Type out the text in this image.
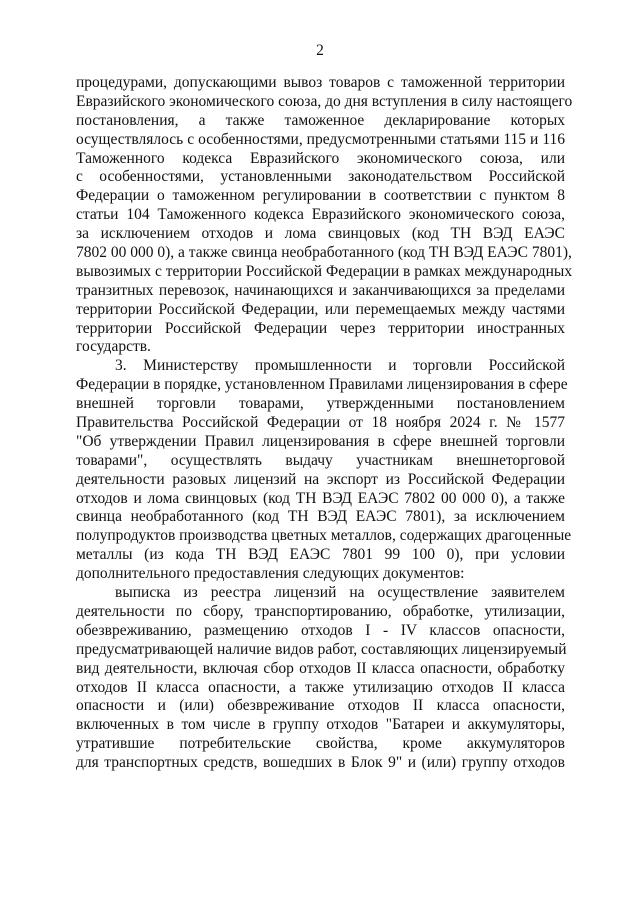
2
процедурами, допускающими вывоз товаров с таможенной территории
Евразийского экономического союза, до дня вступления в силу настоящего
постановления, а также таможенное декларирование которых
осуществлялось с особенностями, предусмотренными статьями 115 и 116
Таможенного кодекса Евразийского экономического союза, или
с особенностями, установленными законодательством Российской
Федерации о таможенном регулировании в соответствии с пунктом 8
статьи 104 Таможенного кодекса Евразийского экономического союза,
за исключением отходов и лома свинцовых (код ТН ВЭД ЕАЭС
7802 00 000 0), а также свинца необработанного (код ТН ВЭД ЕАЭС 7801),
вывозимых с территории Российской Федерации в рамках международных
транзитных перевозок, начинающихся и заканчивающихся за пределами
территории Российской Федерации, или перемещаемых между частями
территории Российской Федерации через территории иностранных
государств.
3. Министерству промышленности и торговли Российской
Федерации в порядке, установленном Правилами лицензирования в сфере
внешней торговли товарами, утвержденными постановлением
Правительства Российской Федерации от 18 ноября 2024 г. № 1577
"Об утверждении Правил лицензирования в сфере внешней торговли
товарами", осуществлять выдачу участникам внешнеторговой
деятельности разовых лицензий на экспорт из Российской Федерации
отходов и лома свинцовых (код ТН ВЭД ЕАЭС 7802 00 000 0), а также
свинца необработанного (код ТН ВЭД ЕАЭС 7801), за исключением
полупродуктов производства цветных металлов, содержащих драгоценные
металлы (из кода ТН ВЭД ЕАЭС 7801 99 100 0), при условии
дополнительного предоставления следующих документов:
выписка из реестра лицензий на осуществление заявителем
деятельности по сбору, транспортированию, обработке, утилизации,
обезвреживанию, размещению отходов I - IV классов опасности,
предусматривающей наличие видов работ, составляющих лицензируемый
вид деятельности, включая сбор отходов II класса опасности, обработку
отходов II класса опасности, а также утилизацию отходов II класса
опасности и (или) обезвреживание отходов II класса опасности,
включенных в том числе в группу отходов "Батареи и аккумуляторы,
утратившие потребительские свойства, кроме аккумуляторов
для транспортных средств, вошедших в Блок 9" и (или) группу отходов
